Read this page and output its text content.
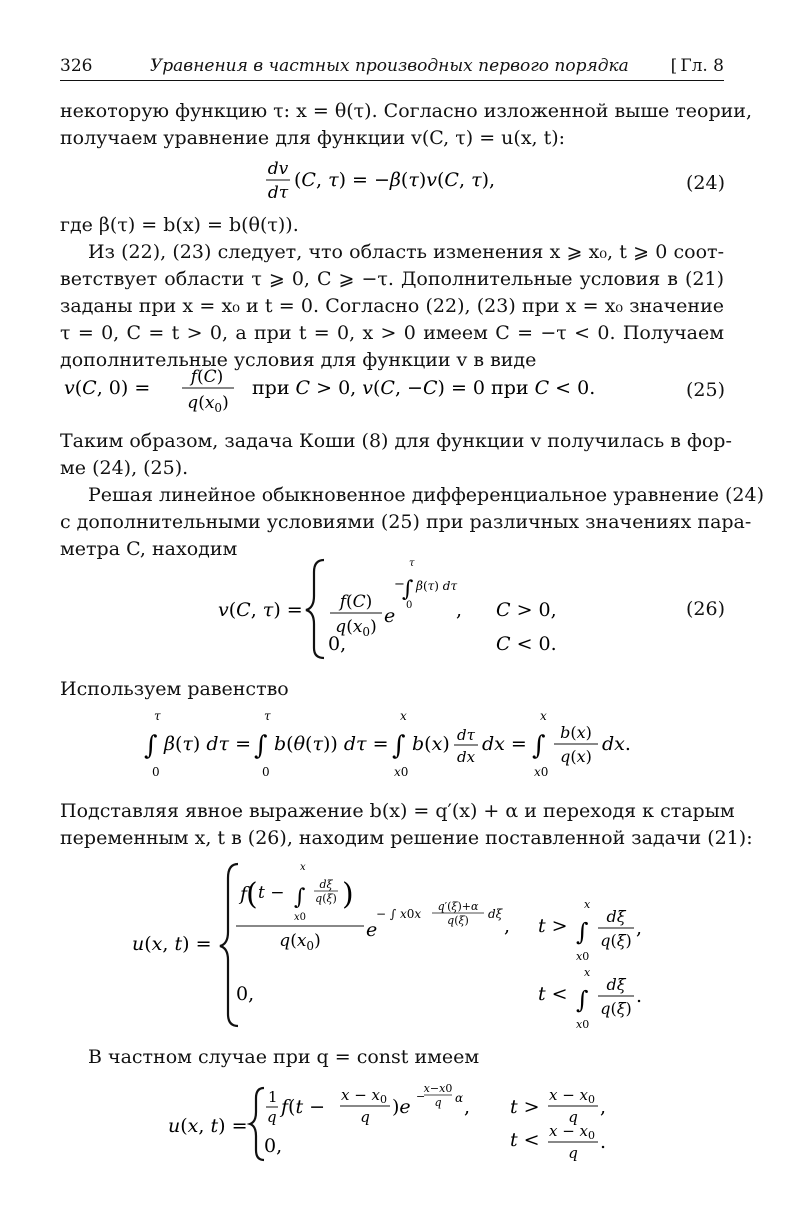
326	Уравнения в частных производных первого порядка
[	Гл. 8
некоторую функцию τ: x = θ(τ). Согласно изложенной выше теории,
получаем уравнение для функции v(C, τ) = u(x, t):
dv
dτ
(C, τ) = −β(τ)v(C, τ),	(24)
где β(τ) = b(x) = b(θ(τ)).
Из (22), (23) следует, что область изменения x ⩾ x₀, t ⩾ 0 соот-
ветствует области τ ⩾ 0, C ⩾ −τ. Дополнительные условия в (21)
заданы при x = x₀ и t = 0. Согласно (22), (23) при x = x₀ значение
τ = 0, C = t > 0, а при t = 0, x > 0 имеем C = −τ < 0. Получаем
дополнительные условия для функции v в виде
v(C, 0) = f(C)
$q(x_0)$
при C > 0, v(C, −C) = 0 при C < 0.	(25)
Таким образом, задача Коши (8) для функции v получилась в фор-
ме (24), (25).
Решая линейное обыкновенное дифференциальное уравнение (24)
с дополнительными условиями (25) при различных значениях пара-
метра C, находим
v(C, τ) = f(C)
$q(x_0)$ e
−
∫
τ
0
β(τ) dτ
, C > 0,
0,	C < 0.
(26)
Используем равенство
∫
τ
0
β(τ) dτ = ∫
τ
0
b(θ(τ)) dτ = ∫
x
x0
b(x) dτ
dx
dx = ∫
x
x0
b(x)
q(x)
dx.
Подставляя явное выражение b(x) = q′(x) + α и переходя к старым
переменным x, t в (26), находим решение поставленной задачи (21):
u(x, t) =
f
( t − ∫
x
x0
dξ
q(ξ) )
$q(x_0)$ e
− ∫ x0x
q′(ξ)+α
q(ξ) dξ
, t > ∫
x
x0
dξ
q(ξ)
,
0,	t < ∫
x
x0
dξ
q(ξ)
.
В частном случае при q = const имеем
u(x, t) =
1
q f(t −
$x - x_0$
q )e −
x−x0
q α , t >
$x - x_0$
q ,
0,	$t < x - x_0$
q .
